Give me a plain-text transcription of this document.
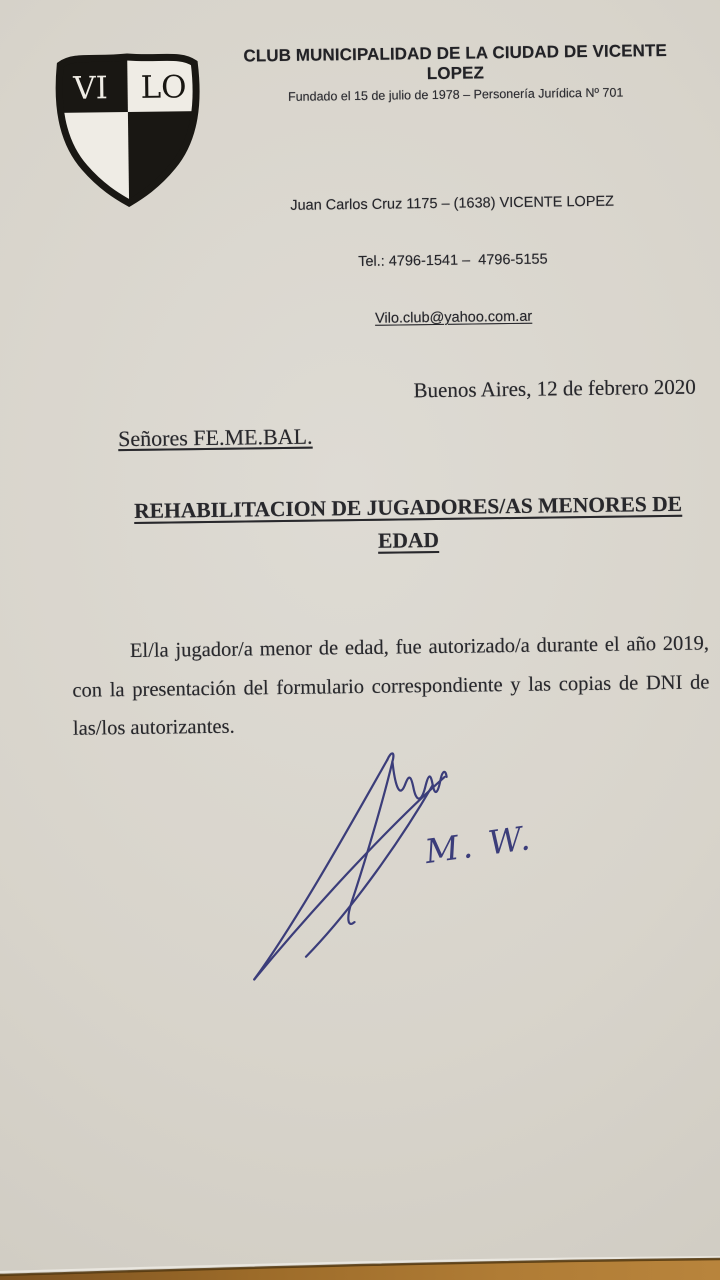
VI LO
CLUB MUNICIPALIDAD DE LA CIUDAD DE VICENTE LOPEZ
Fundado el 15 de julio de 1978 – Personería Jurídica Nº 701

Juan Carlos Cruz 1175 – (1638) VICENTE LOPEZ

Tel.: 4796-1541 –  4796-5155

Vilo.club@yahoo.com.ar

Buenos Aires, 12 de febrero 2020
Señores FE.ME.BAL.
REHABILITACION DE JUGADORES/AS MENORES DE
EDAD
El/la jugador/a menor de edad, fue autorizado/a durante el año 2019,
con la presentación del formulario correspondiente y las copias de DNI de
las/los autorizantes.
M. W.
